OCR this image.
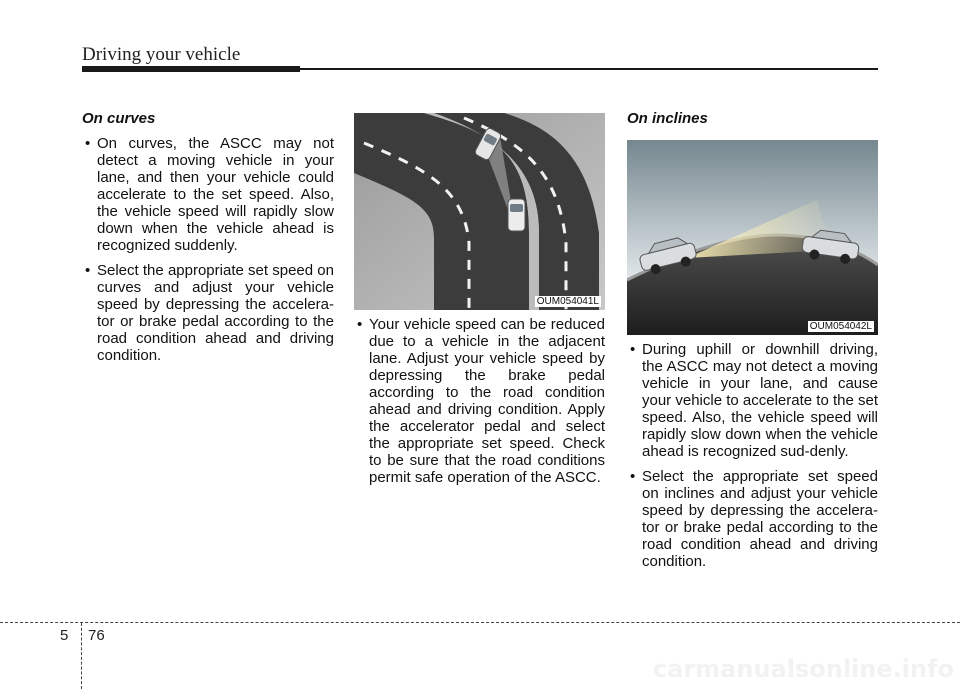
Driving your vehicle
On curves
• On curves, the ASCC may not detect a moving vehicle in your lane, and then your vehicle could accelerate to the set speed. Also, the vehicle speed will rapidly slow down when the vehicle ahead is recognized suddenly.
• Select the appropriate set speed on curves and adjust your vehicle speed by depressing the accelera-tor or brake pedal according to the road condition ahead and driving condition.
OUM054041L
• Your vehicle speed can be reduced due to a vehicle in the adjacent lane. Adjust your vehicle speed by depressing the brake pedal according to the road condition ahead and driving condition. Apply the accelerator pedal and select the appropriate set speed. Check to be sure that the road conditions permit safe operation of the ASCC.
On inclines
OUM054042L
• During uphill or downhill driving, the ASCC may not detect a moving vehicle in your lane, and cause your vehicle to accelerate to the set speed. Also, the vehicle speed will rapidly slow down when the vehicle ahead is recognized sud-denly.
• Select the appropriate set speed on inclines and adjust your vehicle speed by depressing the accelera-tor or brake pedal according to the road condition ahead and driving condition.
5 76
carmanualsonline.info
